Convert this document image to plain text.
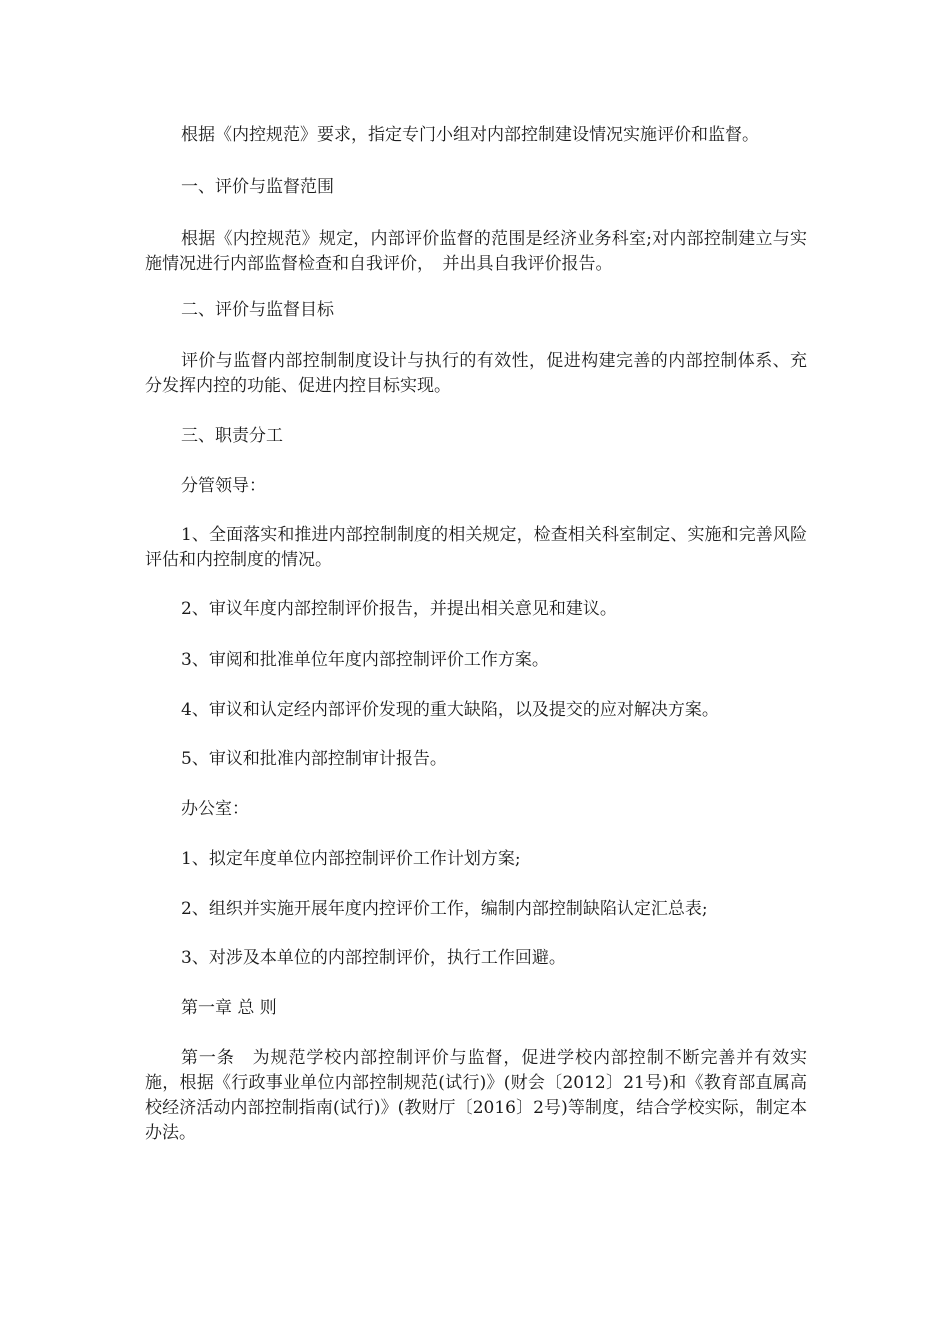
根据《内控规范》要求，指定专门小组对内部控制建设情况实施评价和监督。

一、评价与监督范围

根据《内控规范》规定，内部评价监督的范围是经济业务科室;对内部控制建立与实施情况进行内部监督检查和自我评价，　并出具自我评价报告。

二、评价与监督目标

评价与监督内部控制制度设计与执行的有效性，促进构建完善的内部控制体系、充分发挥内控的功能、促进内控目标实现。

三、职责分工

分管领导：

1、全面落实和推进内部控制制度的相关规定，检查相关科室制定、实施和完善风险评估和内控制度的情况。

2、审议年度内部控制评价报告，并提出相关意见和建议。

3、审阅和批准单位年度内部控制评价工作方案。

4、审议和认定经内部评价发现的重大缺陷，以及提交的应对解决方案。

5、审议和批准内部控制审计报告。

办公室：

1、拟定年度单位内部控制评价工作计划方案;

2、组织并实施开展年度内控评价工作，编制内部控制缺陷认定汇总表;

3、对涉及本单位的内部控制评价，执行工作回避。

第一章 总 则

第一条　为规范学校内部控制评价与监督，促进学校内部控制不断完善并有效实施，根据《行政事业单位内部控制规范(试行)》(财会〔2012〕21号)和《教育部直属高校经济活动内部控制指南(试行)》(教财厅〔2016〕2号)等制度，结合学校实际，制定本办法。
